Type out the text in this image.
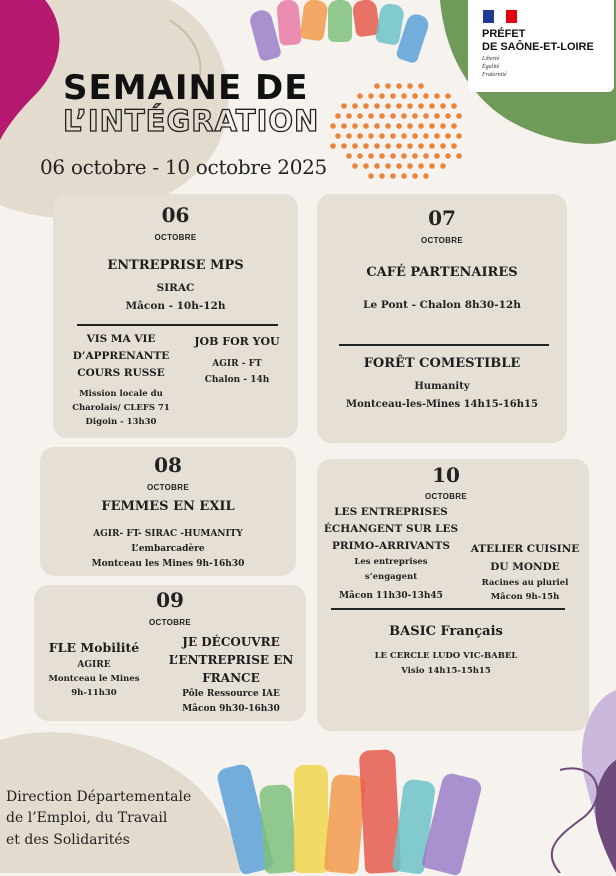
PRÉFET
DE SAÔNE-ET-LOIRE
Liberté
Égalité
Fraternité
SEMAINE DE
L’INTÉGRATION
06 octobre - 10 octobre 2025
06
OCTOBRE
ENTREPRISE MPS
SIRAC
Mâcon - 10h-12h
VIS MA VIE
D’APPRENANTE
COURS RUSSE
Mission locale du
Charolais/ CLEFS 71
Digoin - 13h30
JOB FOR YOU
AGIR - FT
Chalon - 14h
07
OCTOBRE
CAFÉ PARTENAIRES
Le Pont - Chalon 8h30-12h
FORÊT COMESTIBLE
Humanity
Montceau-les-Mines 14h15-16h15
08
OCTOBRE
FEMMES EN EXIL
AGIR- FT- SIRAC -HUMANITY
L’embarcadère
Montceau les Mines 9h-16h30
09
OCTOBRE
FLE Mobilité
AGIRE
Montceau le Mines
9h-11h30
JE DÉCOUVRE
L’ENTREPRISE EN
FRANCE
Pôle Ressource IAE
Mâcon 9h30-16h30
10
OCTOBRE
LES ENTREPRISES
ÉCHANGENT SUR LES
PRIMO-ARRIVANTS
Les entreprises
s’engagent
Mâcon 11h30-13h45
ATELIER CUISINE
DU MONDE
Racines au pluriel
Mâcon 9h-15h
BASIC Français
LE CERCLE LUDO VIC-BABEL
Visio 14h15-15h15
Direction Départementale
de l’Emploi, du Travail
et des Solidarités
